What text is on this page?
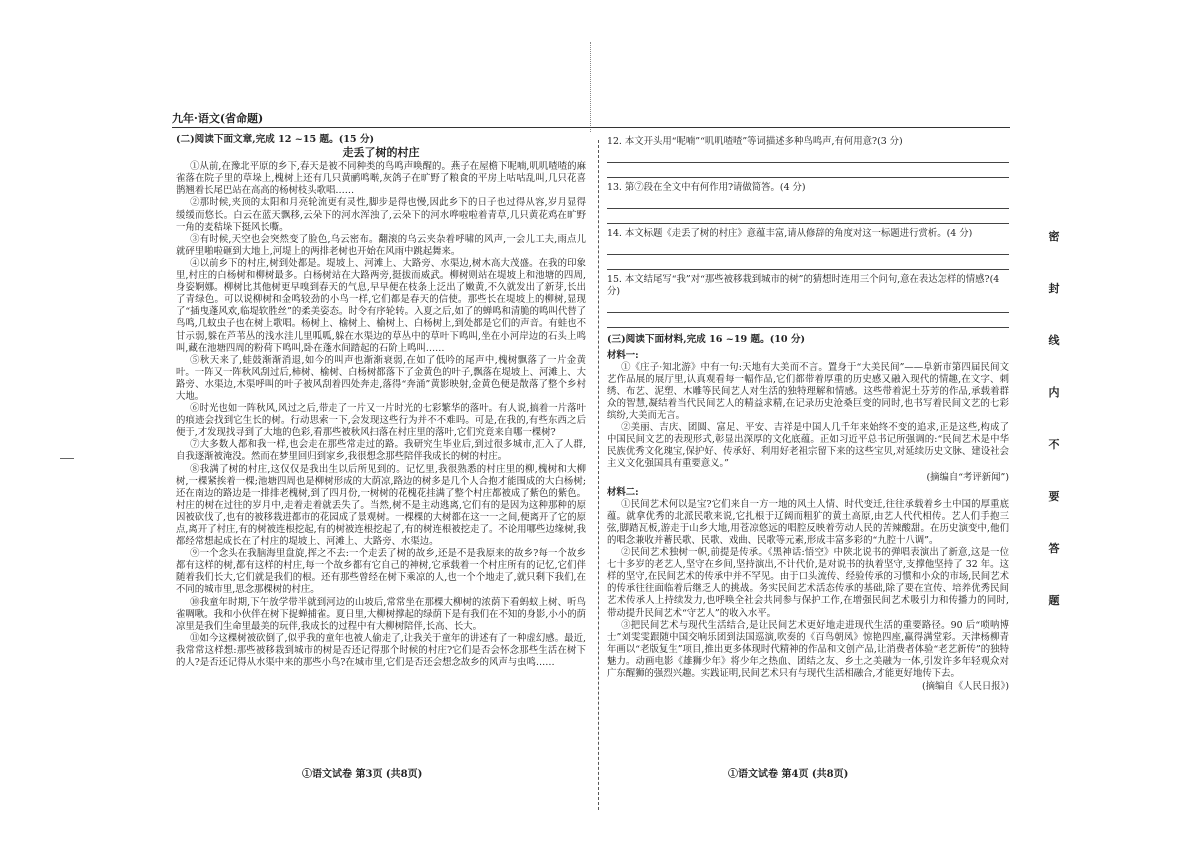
九年·语文(省命题)
(二)阅读下面文章,完成 12 ~15 题。(15 分)
走丢了树的村庄

①从前,在豫北平原的乡下,春天是被不同种类的鸟鸣声唤醒的。燕子在屋檐下呢喃,叽叽喳喳的麻雀落在院子里的草垛上,槐树上还有几只黄鹂鸣啭,灰鸽子在旷野了粮食的平房上咕咕乱叫,几只花喜鹊翘着长尾巴站在高高的杨树枝头歌唱……

②那时候,夹顶的太阳和月亮轮流更有灵性,脚步是得也慢,因此乡下的日子也过得从容,岁月显得缓缓而悠长。白云在蓝天飘移,云朵下的河水浑浊了,云朵下的河水哗啦啦着青草,几只黄花鸡在旷野一角的麦秸垛下挺风长嘶。

③有时候,天空也会突然变了脸色,乌云密布。翻滚的乌云夹杂着呼啸的风声,一会儿工夫,雨点儿就砰里啪啦砸到大地上,河堤上的两排老树也开始在风雨中跳起舞来。

④以前乡下的村庄,树到处都是。堤坡上、河滩上、大路旁、水渠边,树木高大茂盛。在我的印象里,村庄的白杨树和柳树最多。白杨树站在大路两旁,挺拔而威武。柳树则站在堤坡上和池塘的四周,身姿婀娜。柳树比其他树更早嗅到春天的气息,早早便在枝条上泛出了嫩黄,不久就发出了新芽,长出了青绿色。可以说柳树和金鸣较劲的小鸟一样,它们都是春天的信使。那些长在堤坡上的柳树,显现了“插曳蓬风欢,临堤软胜丝”的柔美姿态。时令有序轮转。入夏之后,如了的蝉鸣和清脆的鸣叫代替了鸟鸣,几蚊虫子也在树上歌唱。杨树上、榆树上、榆树上、白杨树上,到处都是它们的声音。有蛙也不甘示弱,躲在芦苇丛的浅水洼儿里呱呱,躲在水渠边的草丛中的草叶下鸣叫,坐在小河岸边的石头上鸣叫,藏在池塘四周的粉荷下鸣叫,卧在蓬水间踏起的石阶上鸣叫……

⑤秋天来了,蛙鼓渐渐消退,如今的叫声也渐渐衰弱,在如了低吟的尾声中,槐树飘落了一片金黄叶。一阵又一阵秋风刮过后,柿树、榆树、白杨树都落下了金黄色的叶子,飘落在堤坡上、河滩上、大路旁、水渠边,木渠呼叫的叶子被风刮着四处奔走,落得“奔涌”黄影映射,金黄色便是散落了整个乡村大地。

⑥时光也如一阵秋风,风过之后,带走了一片又一片时光的七彩繁华的落叶。有人说,搞着一片落叶的痕迹会找到它生长的树。行动思索一下,会发现这些行为并不不难吗。可是,在我的,有些东西之后便于,才发现找寻到了大地的色彩,看那些被秋风扫落在村庄里的落叶,它们究竟来自哪一棵树?

⑦大多数人都和我一样,也会走在那些常走过的路。我研究生毕业后,到过很多城市,汇入了人群,自我逐渐被淹没。然而在梦里回归到家乡,我很想念那些陪伴我成长的树的村庄。

⑧我满了树的村庄,这仅仅是我出生以后所见到的。记忆里,我很熟悉的村庄里的柳,槐树和大柳树,一棵紧挨着一棵;池塘四周也是柳树形成的大荫凉,路边的树多是几个人合抱才能围成的大白杨树;还在南边的路边是一排排老槐树,到了四月份,一树树的花槐花挂满了整个村庄都被成了紫色的紫色。村庄的树在过往的岁月中,走着走着就丢失了。当然,树不是主动逃离,它们有的是因为这种那种的原因被砍伐了,也有的被移栽进都市的花园成了景观树。一棵棵的大树都在这一一之间,便离开了它的原点,离开了村庄,有的树被连根挖起,有的树被连根挖起了,有的树连根被挖走了。不论用哪些边缘树,我都经常想起成长在了村庄的堤坡上、河滩上、大路旁、水渠边。

⑨一个念头在我脑海里盘旋,挥之不去:一个走丢了树的故乡,还是不是我原来的故乡?每一个故乡都有这样的树,都有这样的村庄,每一个故乡都有它自己的神树,它承载着一个村庄所有的记忆,它们伴随着我们长大,它们就是我们的根。还有那些曾经在树下乘凉的人,也一个个地走了,就只剩下我们,在不同的城市里,思念那棵树的村庄。

⑩我童年时期,下午放学带半就到河边的山坡后,常常坐在那棵大柳树的浓荫下看蚂蚁上树、听鸟雀啁啾。我和小伙伴在树下捉蝉捕雀。夏日里,大柳树撑起的绿荫下是有我们在不知的身影,小小的荫凉里是我们生命里最美的玩伴,我成长的过程中有大柳树陪伴,长高、长大。

⑪如今这棵树被砍倒了,似乎我的童年也被人偷走了,让我关于童年的讲述有了一种虚幻感。最近,我常常这样想:那些被移栽到城市的树是否还记得那个时候的村庄?它们是否会怀念那些生活在树下的人?是否还记得从水渠中来的那些小鸟?在城市里,它们是否还会想念故乡的风声与虫鸣……

①语文试卷 第3页 (共8页)
12. 本文开头用“呢喃”“叽叽喳喳”等词描述多种鸟鸣声,有何用意?(3 分)
13. 第⑦段在全文中有何作用?请做简答。(4 分)
14. 本文标题《走丢了树的村庄》意蕴丰富,请从修辞的角度对这一标题进行赏析。(4 分)
15. 本文结尾写“我”对“那些被移栽到城市的树”的猜想时连用三个问句,意在表达怎样的情感?(4 分)
(三)阅读下面材料,完成 16 ~19 题。(10 分)
材料一:

①《庄子·知北游》中有一句:天地有大美而不言。置身于“大美民间”——阜新市第四届民间文艺作品展的展厅里,认真观看每一幅作品,它们都带着厚重的历史感又融入现代的情趣,在文字、刺绣、布艺、泥塑、木雕等民间艺人对生活的独特理解和情感。这些带着泥土芬芳的作品,承载着群众的智慧,凝结着当代民间艺人的精益求精,在记录历史沧桑巨变的同时,也书写着民间文艺的七彩缤纷,大美而无言。

②美丽、吉庆、团圆、富足、平安、吉祥是中国人几千年来始终不变的追求,正是这些,构成了中国民间文艺的表现形式,彰显出深厚的文化底蕴。正如习近平总书记所强调的:“民间艺术是中华民族优秀文化瑰宝,保护好、传承好、利用好老祖宗留下来的这些宝贝,对延续历史文脉、建设社会主义文化强国具有重要意义。”

(摘编自“考评新闻”)
材料二:

①民间艺术何以是宝?它们来自一方一地的风土人情、时代变迁,往往承载着乡土中国的厚重底蕴。就拿优秀的北派民歌来说,它扎根于辽阔而粗犷的黄土高原,由艺人代代相传。艺人们手抱三弦,脚踏瓦板,游走于山乡大地,用苍凉悠远的唱腔反映着劳动人民的苦辣酸甜。在历史演变中,他们的唱念兼收并蓄民歌、民歌、戏曲、民歌等元素,形成丰富多彩的“九腔十八调”。

②民间艺术独树一帜,前提是传承。《黑神话:悟空》中陕北说书的弹唱表演出了新意,这是一位七十多岁的老艺人,坚守在乡间,坚持演出,不计代价,是对说书的执着坚守,支撑他坚持了 32 年。这样的坚守,在民间艺术的传承中并不罕见。由于口头流传、经验传承的习惯和小众的市场,民间艺术的传承往往面临着后继乏人的挑战。务实民间艺术活态传承的基础,除了要在宣传、培养优秀民间艺术传承人上持续发力,也呼唤全社会共同参与保护工作,在增强民间艺术吸引力和传播力的同时,带动提升民间艺术“守艺人”的收入水平。

③把民间艺术与现代生活结合,是让民间艺术更好地走进现代生活的重要路径。90 后“唢呐博士”刘雯雯跟随中国交响乐团到法国巡演,吹奏的《百鸟朝凤》惊艳四座,赢得满堂彩。天津杨柳青年画以“老版复生”项目,推出更多体现时代精神的作品和文创产品,让消费者体验“老艺新传”的独特魅力。动画电影《雄狮少年》将少年之热血、团结之友、乡土之美融为一体,引发许多年轻观众对广东醒狮的强烈兴趣。实践证明,民间艺术只有与现代生活相融合,才能更好地传下去。

(摘编自《人民日报》)
①语文试卷 第4页 (共8页)
密
封
线
内
不
要
答
题
